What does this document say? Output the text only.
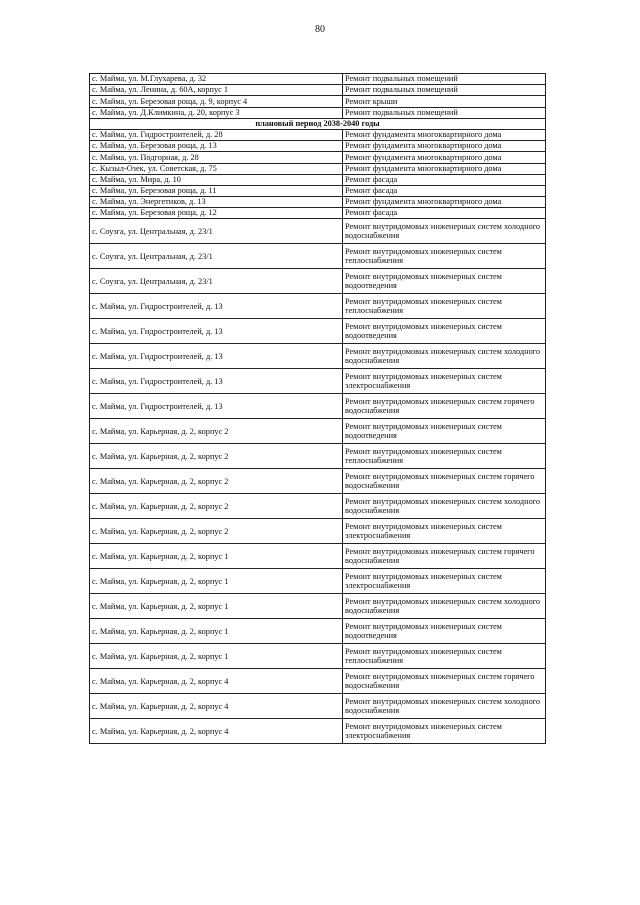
80
с. Майма, ул. М.Глухарева, д. 32	Ремонт подвальных помещений
с. Майма, ул. Ленина, д. 60А, корпус 1	Ремонт подвальных помещений
с. Майма, ул. Березовая роща, д. 9, корпус 4	Ремонт крыши
с. Майма, ул. Д.Климкина, д. 20, корпус 3	Ремонт подвальных помещений
плановый период 2038-2040 годы	
с. Майма, ул. Гидростроителей, д. 28	Ремонт фундамента многоквартирного дома
с. Майма, ул. Березовая роща, д. 13	Ремонт фундамента многоквартирного дома
с. Майма, ул. Подгорная, д. 28	Ремонт фундамента многоквартирного дома
с. Кызыл-Озек, ул. Советская, д. 75	Ремонт фундамента многоквартирного дома
с. Майма, ул. Мира, д. 10	Ремонт фасада
с. Майма, ул. Березовая роща, д. 11	Ремонт фасада
с. Майма, ул. Энергетиков, д. 13	Ремонт фундамента многоквартирного дома
с. Майма, ул. Березовая роща, д. 12	Ремонт фасада
с. Соузга, ул. Центральная, д. 23/1	Ремонт внутридомовых инженерных систем холодного водоснабжения
с. Соузга, ул. Центральная, д. 23/1	Ремонт внутридомовых инженерных систем теплоснабжения
с. Соузга, ул. Центральная, д. 23/1	Ремонт внутридомовых инженерных систем водоотведения
с. Майма, ул. Гидростроителей, д. 13	Ремонт внутридомовых инженерных систем теплоснабжения
с. Майма, ул. Гидростроителей, д. 13	Ремонт внутридомовых инженерных систем водоотведения
с. Майма, ул. Гидростроителей, д. 13	Ремонт внутридомовых инженерных систем холодного водоснабжения
с. Майма, ул. Гидростроителей, д. 13	Ремонт внутридомовых инженерных систем электроснабжения
с. Майма, ул. Гидростроителей, д. 13	Ремонт внутридомовых инженерных систем горячего водоснабжения
с. Майма, ул. Карьерная, д. 2, корпус 2	Ремонт внутридомовых инженерных систем водоотведения
с. Майма, ул. Карьерная, д. 2, корпус 2	Ремонт внутридомовых инженерных систем теплоснабжения
с. Майма, ул. Карьерная, д. 2, корпус 2	Ремонт внутридомовых инженерных систем горячего водоснабжения
с. Майма, ул. Карьерная, д. 2, корпус 2	Ремонт внутридомовых инженерных систем холодного водоснабжения
с. Майма, ул. Карьерная, д. 2, корпус 2	Ремонт внутридомовых инженерных систем электроснабжения
с. Майма, ул. Карьерная, д. 2, корпус 1	Ремонт внутридомовых инженерных систем горячего водоснабжения
с. Майма, ул. Карьерная, д. 2, корпус 1	Ремонт внутридомовых инженерных систем электроснабжения
с. Майма, ул. Карьерная, д. 2, корпус 1	Ремонт внутридомовых инженерных систем холодного водоснабжения
с. Майма, ул. Карьерная, д. 2, корпус 1	Ремонт внутридомовых инженерных систем водоотведения
с. Майма, ул. Карьерная, д. 2, корпус 1	Ремонт внутридомовых инженерных систем теплоснабжения
с. Майма, ул. Карьерная, д. 2, корпус 4	Ремонт внутридомовых инженерных систем горячего водоснабжения
с. Майма, ул. Карьерная, д. 2, корпус 4	Ремонт внутридомовых инженерных систем холодного водоснабжения
с. Майма, ул. Карьерная, д. 2, корпус 4	Ремонт внутридомовых инженерных систем электроснабжения
